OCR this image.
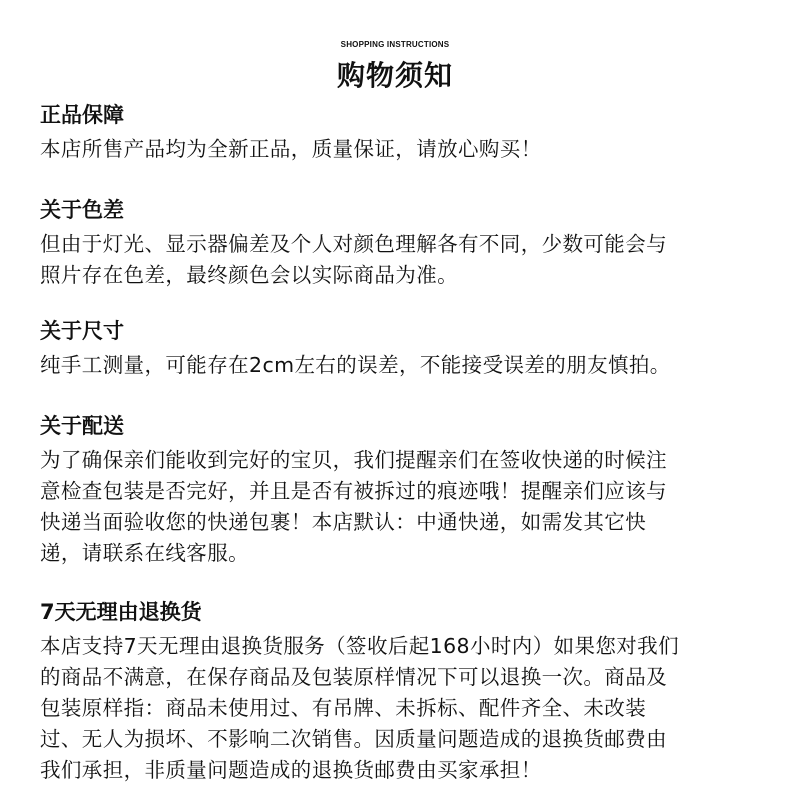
SHOPPING INSTRUCTIONS
购物须知

正品保障

本店所售产品均为全新正品，质量保证，请放心购买！

关于色差

但由于灯光、显示器偏差及个人对颜色理解各有不同，少数可能会与
照片存在色差，最终颜色会以实际商品为准。

关于尺寸

纯手工测量，可能存在2cm左右的误差，不能接受误差的朋友慎拍。

关于配送

为了确保亲们能收到完好的宝贝，我们提醒亲们在签收快递的时候注
意检查包装是否完好，并且是否有被拆过的痕迹哦！提醒亲们应该与
快递当面验收您的快递包裹！本店默认：中通快递，如需发其它快
递，请联系在线客服。

7天无理由退换货

本店支持7天无理由退换货服务（签收后起168小时内）如果您对我们
的商品不满意，在保存商品及包装原样情况下可以退换一次。商品及
包装原样指：商品未使用过、有吊牌、未拆标、配件齐全、未改装
过、无人为损坏、不影响二次销售。因质量问题造成的退换货邮费由
我们承担，非质量问题造成的退换货邮费由买家承担！
